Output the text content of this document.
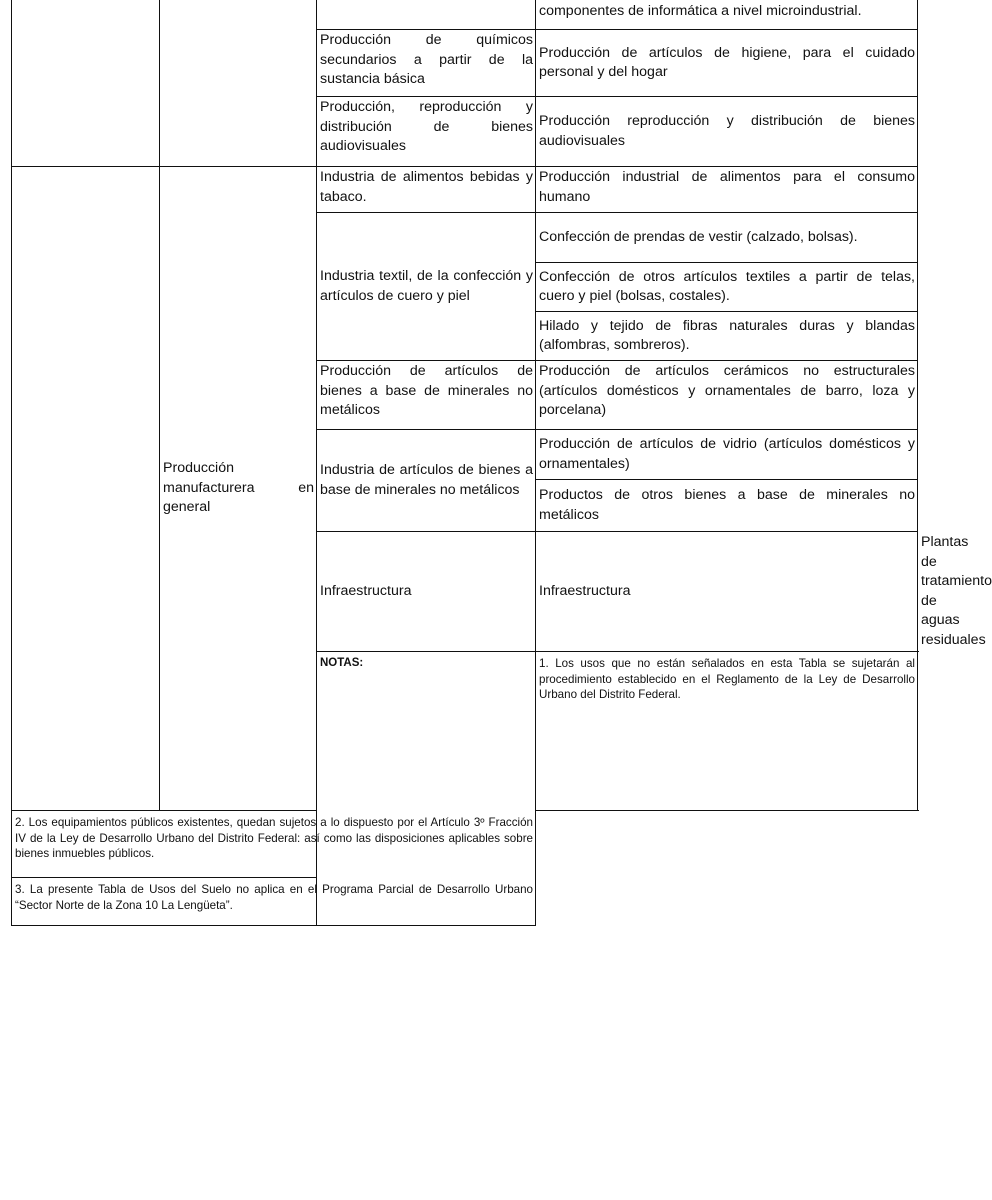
			componentes de informática a nivel microindustrial.	
		Producción de químicos secundarios a partir de la sustancia básica	Producción de artículos de higiene, para el cuidado personal y del hogar	
		Producción, reproducción y distribución de bienes audiovisuales	Producción reproducción y distribución de bienes audiovisuales	
	Producción manufacturera en general	Industria de alimentos bebidas y tabaco.	Producción industrial de alimentos para el consumo humano	
		Industria textil, de la confección y artículos de cuero y piel	Confección de prendas de vestir (calzado, bolsas).	
			Confección de otros artículos textiles a partir de telas, cuero y piel (bolsas, costales).	
			Hilado y tejido de fibras naturales duras y blandas (alfombras, sombreros).	
		Producción de artículos de bienes a base de minerales no metálicos	Producción de artículos cerámicos no estructurales (artículos domésticos y ornamentales de barro, loza y porcelana)	
		Industria de artículos de bienes a base de minerales no metálicos	Producción de artículos de vidrio (artículos domésticos y ornamentales)	
			Productos de otros bienes a base de minerales no metálicos	
		Infraestructura	Infraestructura	Plantas de tratamiento de aguas residuales
		NOTAS:	1. Los usos que no están señalados en esta Tabla se sujetarán al procedimiento establecido en el Reglamento de la Ley de Desarrollo Urbano del Distrito Federal.	
2. Los equipamientos públicos existentes, quedan sujetos a lo dispuesto por el Artículo 3º Fracción IV de la Ley de Desarrollo Urbano del Distrito Federal: así como las disposiciones aplicables sobre bienes inmuebles públicos.				
3. La presente Tabla de Usos del Suelo no aplica en el Programa Parcial de Desarrollo Urbano “Sector Norte de la Zona 10 La Lengüeta”.				
